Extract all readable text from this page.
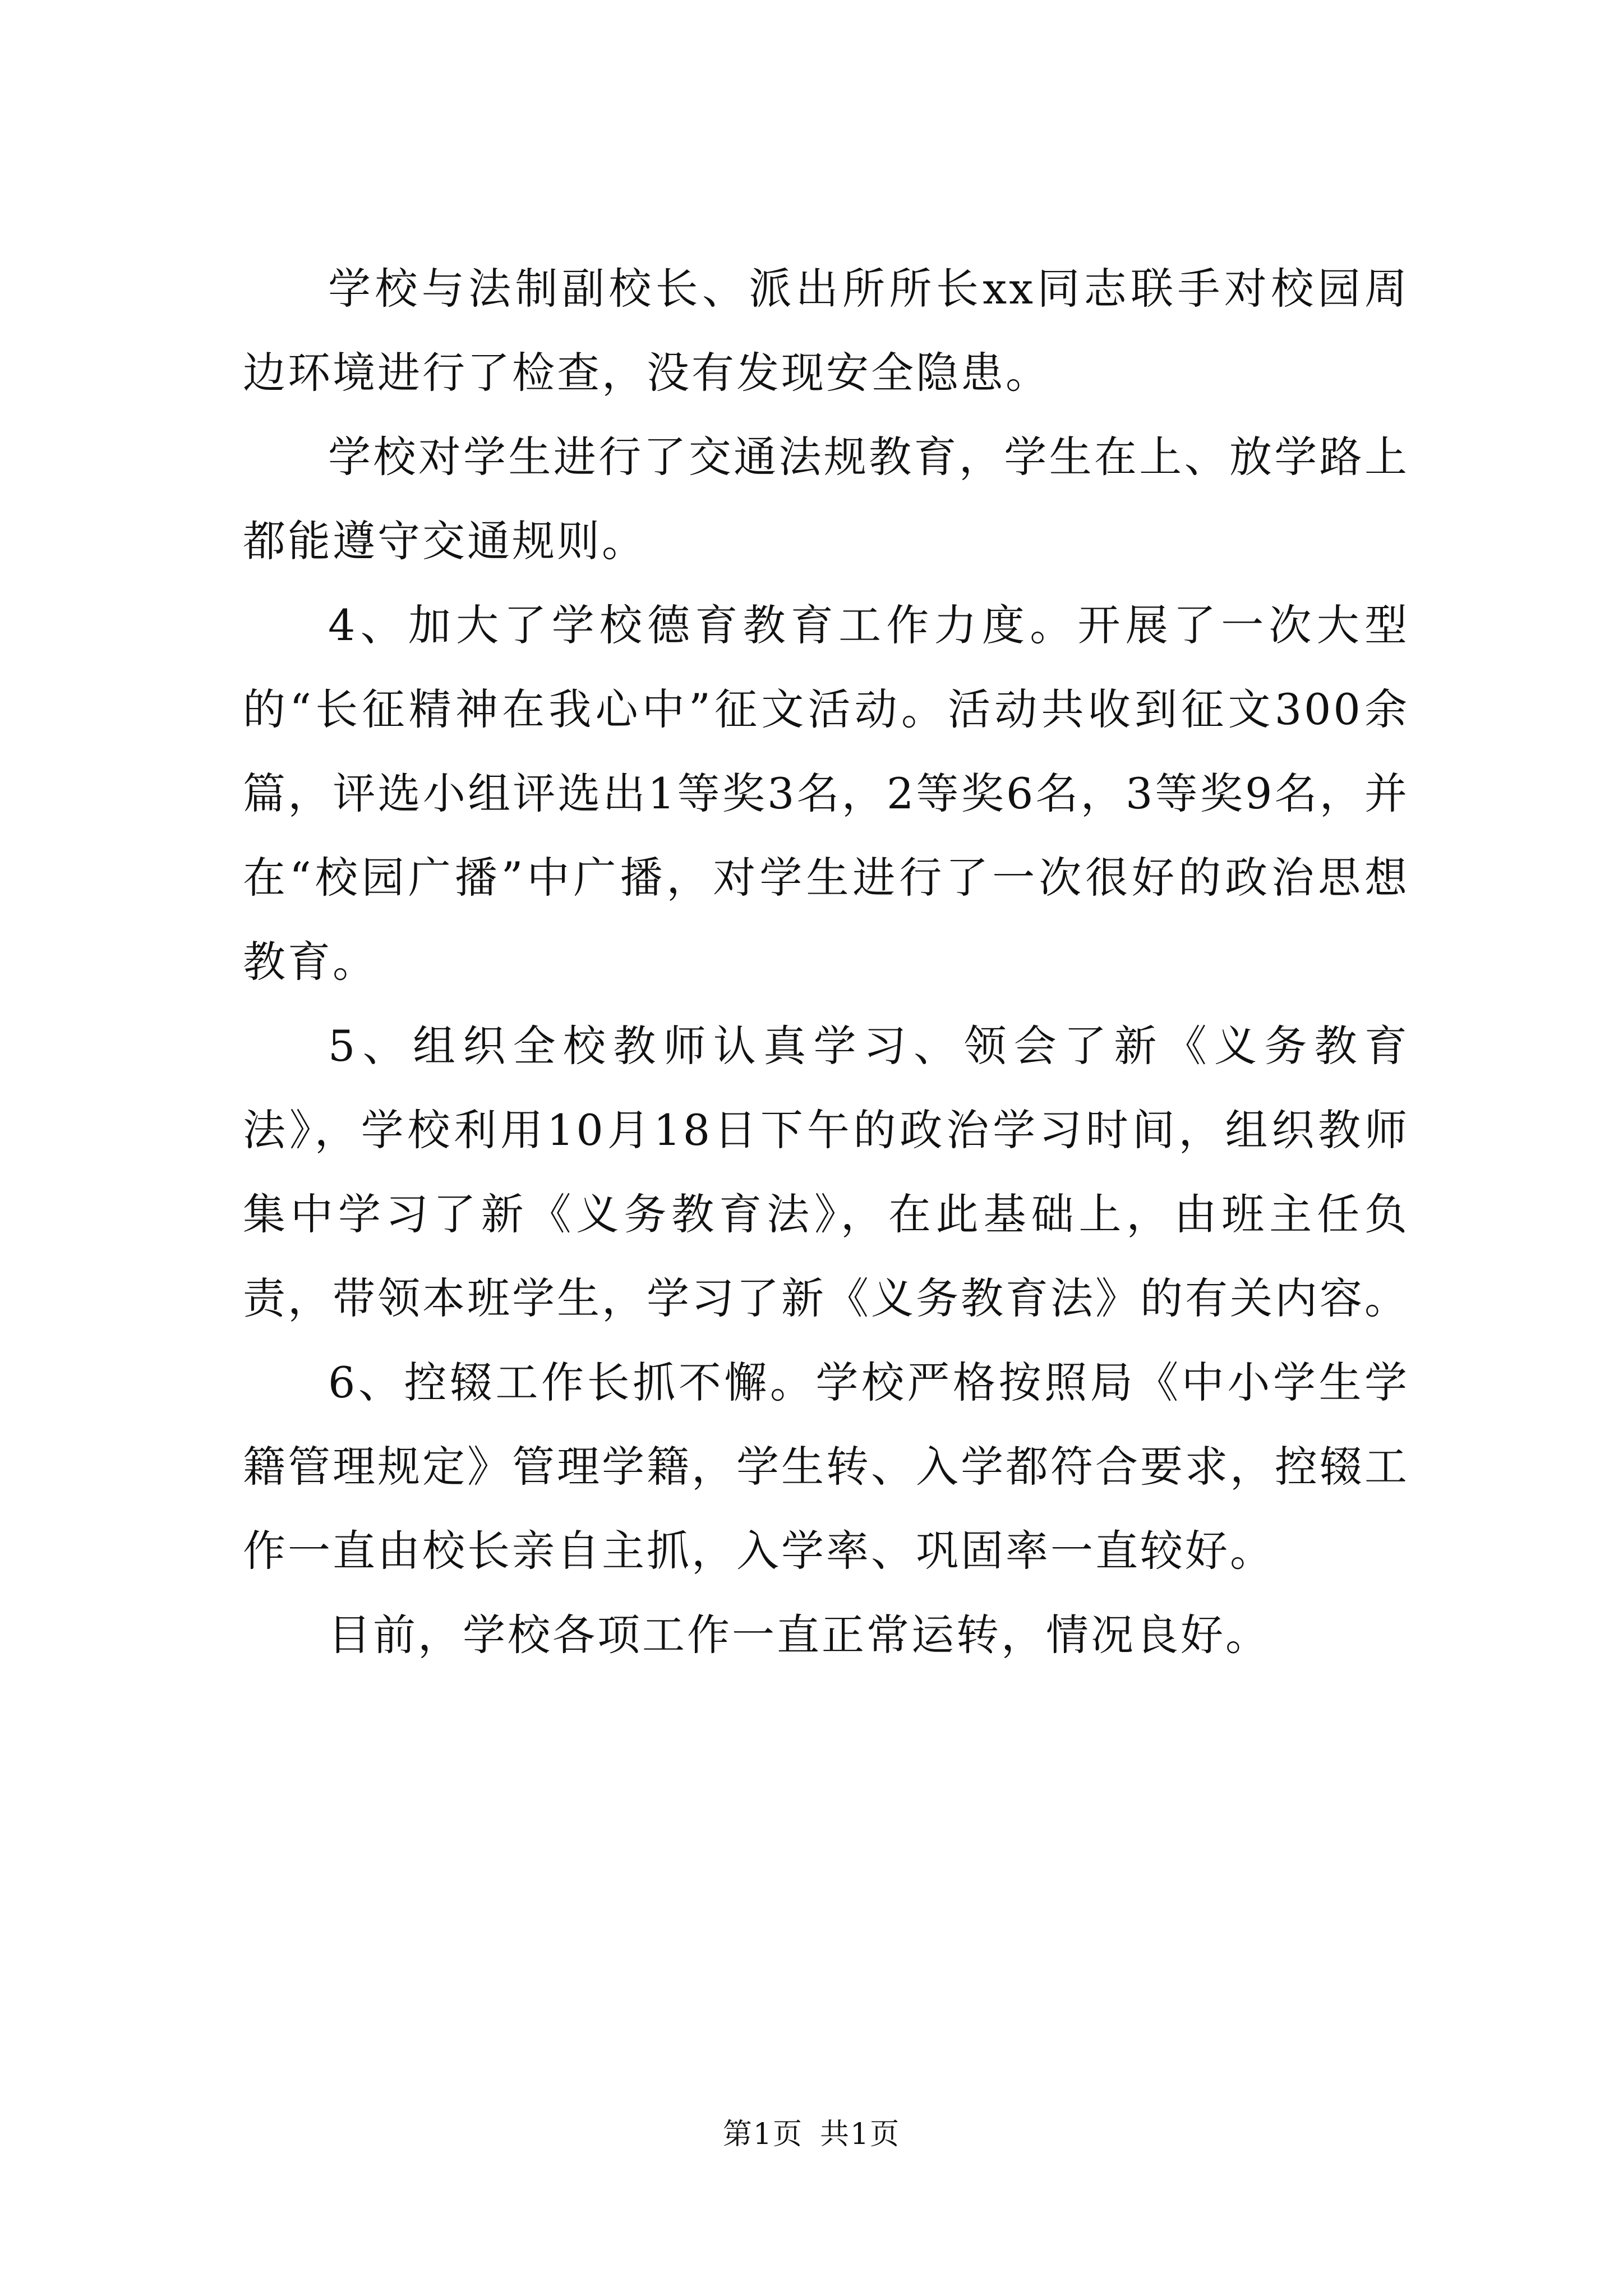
学校与法制副校长、派出所所长xx同志联手对校园周边环境进行了检查，没有发现安全隐患。

学校对学生进行了交通法规教育，学生在上、放学路上都能遵守交通规则。

4、加大了学校德育教育工作力度。开展了一次大型的“长征精神在我心中”征文活动。活动共收到征文300余篇，评选小组评选出1等奖3名，2等奖6名，3等奖9名，并在“校园广播”中广播，对学生进行了一次很好的政治思想教育。

5、组织全校教师认真学习、领会了新《义务教育法》，学校利用10月18日下午的政治学习时间，组织教师集中学习了新《义务教育法》，在此基础上，由班主任负责，带领本班学生，学习了新《义务教育法》的有关内容。

6、控辍工作长抓不懈。学校严格按照局《中小学生学籍管理规定》管理学籍，学生转、入学都符合要求，控辍工作一直由校长亲自主抓，入学率、巩固率一直较好。

目前，学校各项工作一直正常运转，情况良好。

第1页 共1页
